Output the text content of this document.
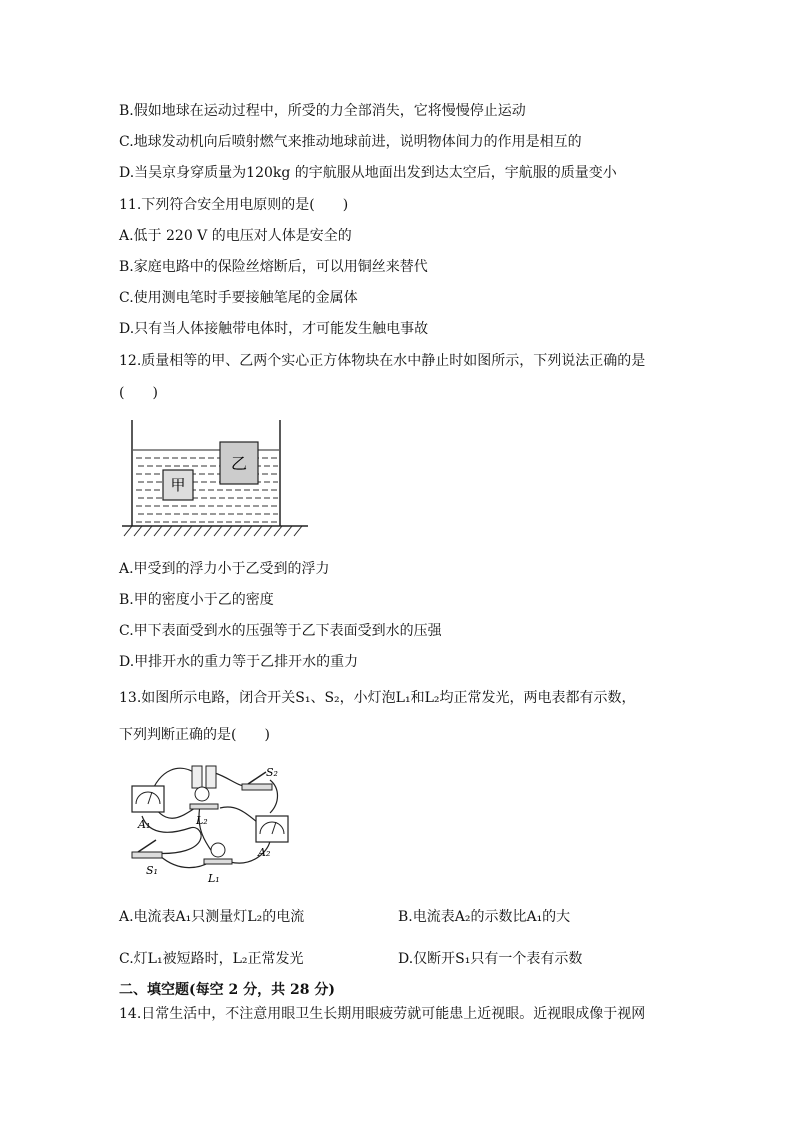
B.假如地球在运动过程中，所受的力全部消失，它将慢慢停止运动
C.地球发动机向后喷射燃气来推动地球前进，说明物体间力的作用是相互的
D.当吴京身穿质量为120kg 的宇航服从地面出发到达太空后，宇航服的质量变小
11.下列符合安全用电原则的是(　　)
A.低于 220 V 的电压对人体是安全的
B.家庭电路中的保险丝熔断后，可以用铜丝来替代
C.使用测电笔时手要接触笔尾的金属体
D.只有当人体接触带电体时，才可能发生触电事故
12.质量相等的甲、乙两个实心正方体物块在水中静止时如图所示，下列说法正确的是
(　　)
甲
乙
A.甲受到的浮力小于乙受到的浮力
B.甲的密度小于乙的密度
C.甲下表面受到水的压强等于乙下表面受到水的压强
D.甲排开水的重力等于乙排开水的重力
13.如图所示电路，闭合开关S₁、S₂，小灯泡L₁和L₂均正常发光，两电表都有示数，
下列判断正确的是(　　)
A₁
S₂
L₂
A₂
S₁
L₁
A.电流表A₁只测量灯L₂的电流	B.电流表A₂的示数比A₁的大
C.灯L₁被短路时，L₂正常发光	D.仅断开S₁只有一个表有示数
二、填空题(每空 2 分，共 28 分)
14.日常生活中，不注意用眼卫生长期用眼疲劳就可能患上近视眼。近视眼成像于视网
